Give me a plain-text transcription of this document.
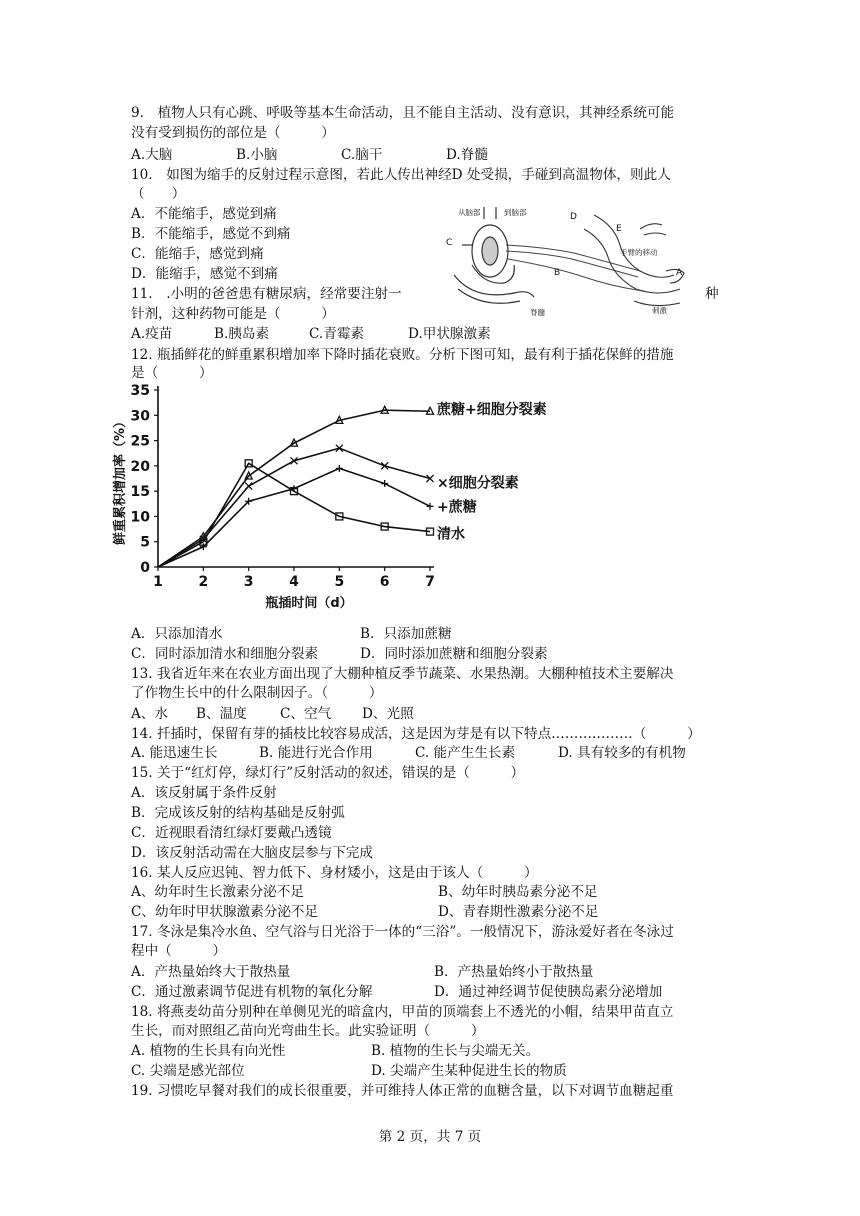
9.　植物人只有心跳、呼吸等基本生命活动，且不能自主活动、没有意识，其神经系统可能
没有受到损伤的部位是（　　　）
A.大脑	B.小脑	C.脑干	D.脊髓
10.　如图为缩手的反射过程示意图，若此人传出神经D 处受损，手碰到高温物体，则此人
（　　）
A．不能缩手，感觉到痛
B．不能缩手，感觉不到痛
C．能缩手，感觉到痛
D．能缩手，感觉不到痛
从脑部	到脑部
手臂的移动
刺激
脊髓
A
B
C
D
E
11.　.小明的爸爸患有糖尿病，经常要注射一	种
针剂，这种药物可能是（　　　）
A.疫苗	B.胰岛素	C.青霉素	D.甲状腺激素
12. 瓶插鲜花的鲜重累积增加率下降时插花衰败。分析下图可知，最有利于插花保鲜的措施
是（　　　）
0
5
10
15
20
25
30
35
1	2	3	4	5	6	7
蔗糖+细胞分裂素
×细胞分裂素
+蔗糖
清水
鲜重累积增加率（%）
瓶插时间（d）
A．只添加清水	B．只添加蔗糖
C．同时添加清水和细胞分裂素	D．同时添加蔗糖和细胞分裂素
13. 我省近年来在农业方面出现了大棚种植反季节蔬菜、水果热潮。大棚种植技术主要解决
了作物生长中的什么限制因子。（　　　）
A、水 B、温度 C、空气 D、光照
14. 扦插时，保留有芽的插枝比较容易成活，这是因为芽是有以下特点………………（　　　）
A. 能迅速生长	B. 能进行光合作用	C. 能产生生长素	D. 具有较多的有机物
15. 关于“红灯停，绿灯行”反射活动的叙述，错误的是（　　　）
A．该反射属于条件反射
B．完成该反射的结构基础是反射弧
C．近视眼看清红绿灯要戴凸透镜
D．该反射活动需在大脑皮层参与下完成
16. 某人反应迟钝、智力低下、身材矮小，这是由于该人（　　　）
A、幼年时生长激素分泌不足	B、幼年时胰岛素分泌不足
C、幼年时甲状腺激素分泌不足	D、青春期性激素分泌不足
17. 冬泳是集冷水鱼、空气浴与日光浴于一体的“三浴”。一般情况下，游泳爱好者在冬泳过
程中（　　　）
A．产热量始终大于散热量	B．产热量始终小于散热量
C．通过激素调节促进有机物的氧化分解	D．通过神经调节促使胰岛素分泌增加
18. 将燕麦幼苗分别种在单侧见光的暗盒内，甲苗的顶端套上不透光的小帽，结果甲苗直立
生长，而对照组乙苗向光弯曲生长。此实验证明（　　　）
A. 植物的生长具有向光性	B. 植物的生长与尖端无关。
C. 尖端是感光部位	D. 尖端产生某种促进生长的物质
19. 习惯吃早餐对我们的成长很重要，并可维持人体正常的血糖含量，以下对调节血糖起重
第 2 页，共 7 页
